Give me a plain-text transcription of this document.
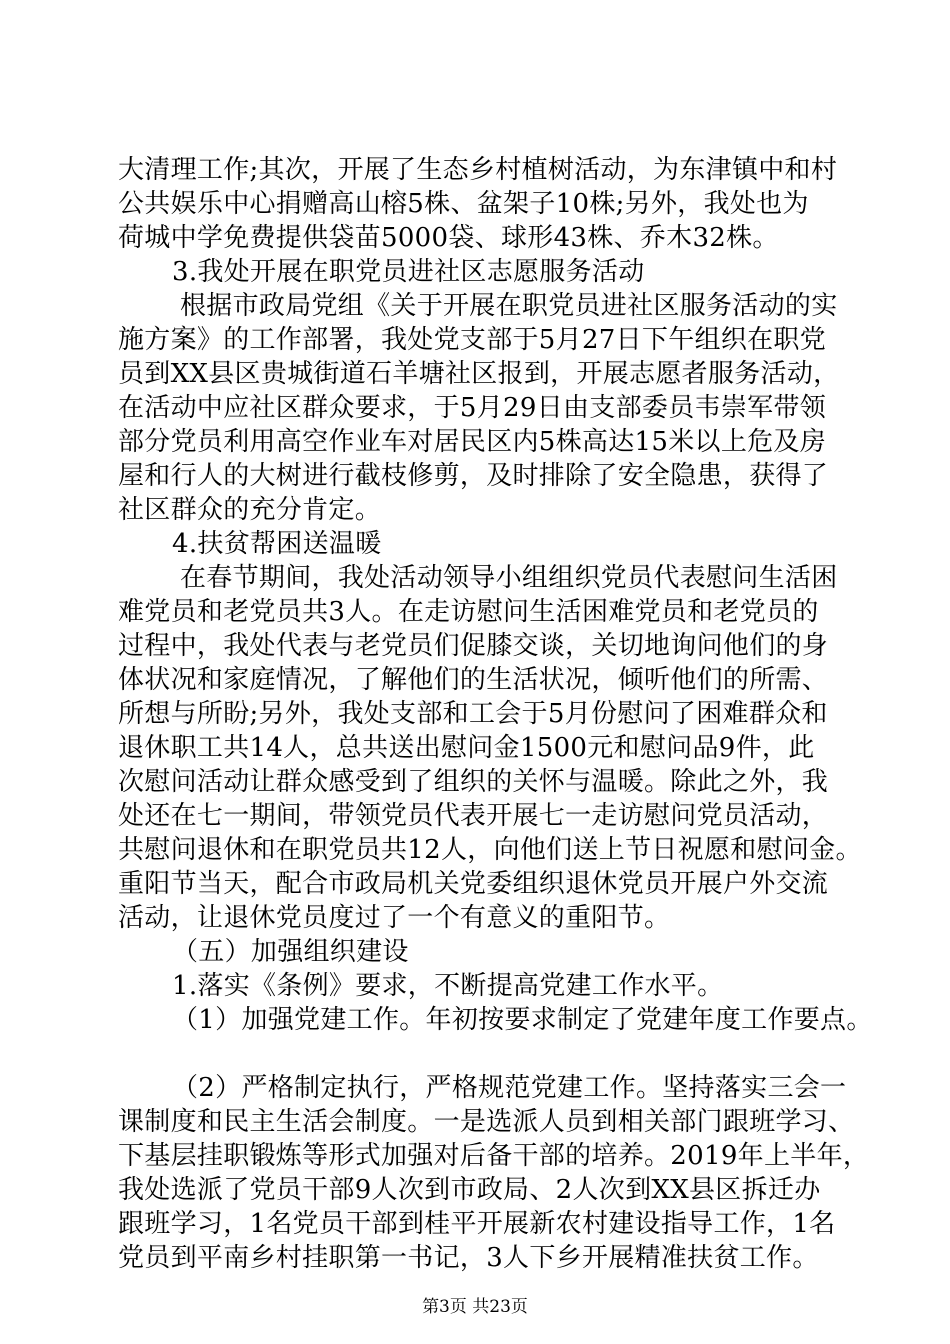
大清理工作;其次，开展了生态乡村植树活动，为东津镇中和村
公共娱乐中心捐赠高山榕5株、盆架子10株;另外，我处也为
荷城中学免费提供袋苗5000袋、球形43株、乔木32株。
3.我处开展在职党员进社区志愿服务活动
根据市政局党组《关于开展在职党员进社区服务活动的实
施方案》的工作部署，我处党支部于5月27日下午组织在职党
员到XX县区贵城街道石羊塘社区报到，开展志愿者服务活动，
在活动中应社区群众要求，于5月29日由支部委员韦崇军带领
部分党员利用高空作业车对居民区内5株高达15米以上危及房
屋和行人的大树进行截枝修剪，及时排除了安全隐患，获得了
社区群众的充分肯定。
4.扶贫帮困送温暖
在春节期间，我处活动领导小组组织党员代表慰问生活困
难党员和老党员共3人。在走访慰问生活困难党员和老党员的
过程中，我处代表与老党员们促膝交谈，关切地询问他们的身
体状况和家庭情况，了解他们的生活状况，倾听他们的所需、
所想与所盼;另外，我处支部和工会于5月份慰问了困难群众和
退休职工共14人，总共送出慰问金1500元和慰问品9件，此
次慰问活动让群众感受到了组织的关怀与温暖。除此之外，我
处还在七一期间，带领党员代表开展七一走访慰问党员活动，
共慰问退休和在职党员共12人，向他们送上节日祝愿和慰问金。
重阳节当天，配合市政局机关党委组织退休党员开展户外交流
活动，让退休党员度过了一个有意义的重阳节。
（五）加强组织建设
1.落实《条例》要求，不断提高党建工作水平。
（1）加强党建工作。年初按要求制定了党建年度工作要点。
（2）严格制定执行，严格规范党建工作。坚持落实三会一
课制度和民主生活会制度。一是选派人员到相关部门跟班学习、
下基层挂职锻炼等形式加强对后备干部的培养。2019年上半年，
我处选派了党员干部9人次到市政局、2人次到XX县区拆迁办
跟班学习，1名党员干部到桂平开展新农村建设指导工作，1名
党员到平南乡村挂职第一书记，3人下乡开展精准扶贫工作。
第3页 共23页
